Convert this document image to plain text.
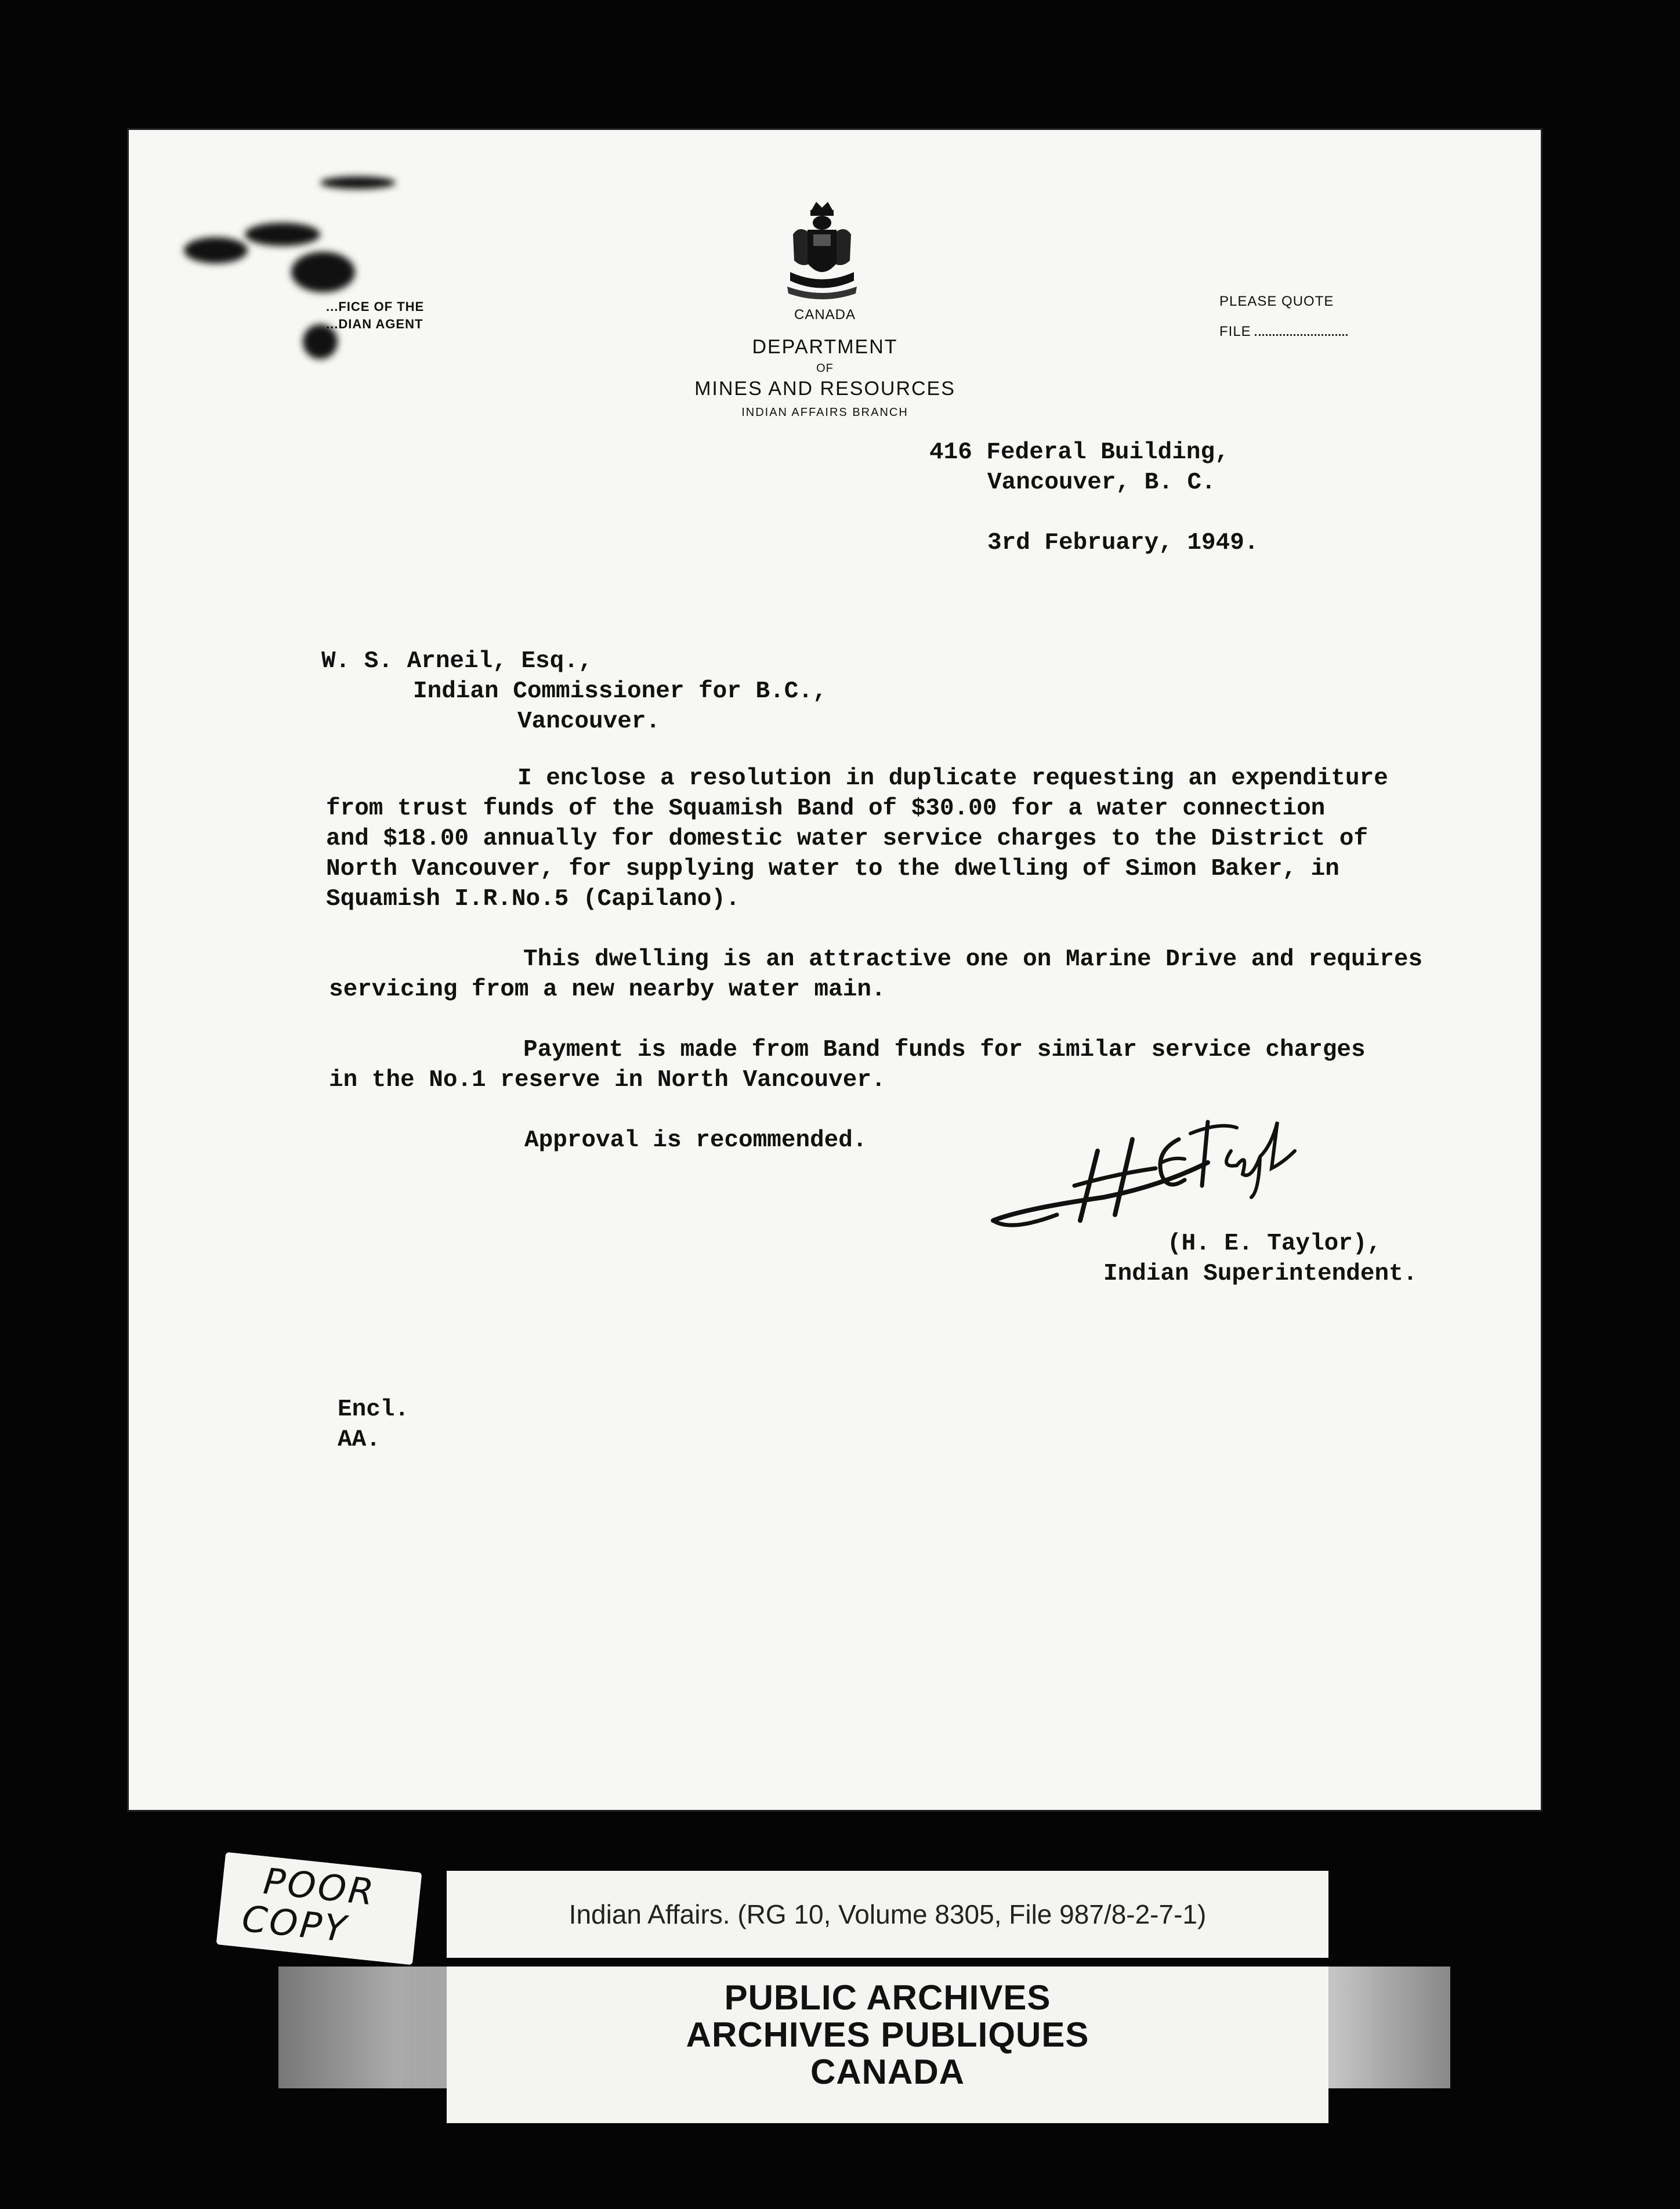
...FICE OF THE
...DIAN AGENT
CANADA
DEPARTMENT
OF
MINES AND RESOURCES
INDIAN AFFAIRS BRANCH
PLEASE QUOTE
FILE
416 Federal Building,
Vancouver, B. C.
3rd February, 1949.
W. S. Arneil, Esq.,
Indian Commissioner for B.C.,
Vancouver.
I enclose a resolution in duplicate requesting an expenditure
from trust funds of the Squamish Band of $30.00 for a water connection
and $18.00 annually for domestic water service charges to the District of
North Vancouver, for supplying water to the dwelling of Simon Baker, in
Squamish I.R.No.5 (Capilano).
This dwelling is an attractive one on Marine Drive and requires
servicing from a new nearby water main.
Payment is made from Band funds for similar service charges
in the No.1 reserve in North Vancouver.
Approval is recommended.
(H. E. Taylor),
Indian Superintendent.
Encl.
AA.
POOR
COPY	Indian Affairs. (RG 10, Volume 8305, File 987/8-2-7-1)
PUBLIC ARCHIVES
ARCHIVES PUBLIQUES
CANADA
